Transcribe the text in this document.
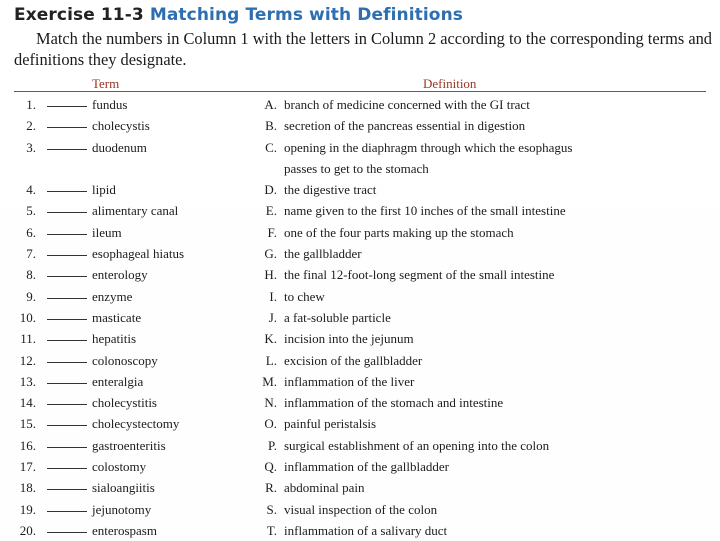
Exercise 11-3 Matching Terms with Definitions
Match the numbers in Column 1 with the letters in Column 2 according to the corresponding terms and definitions they designate.
Term	Definition
1.	fundus	A. branch of medicine concerned with the GI tract
2.	cholecystis	B. secretion of the pancreas essential in digestion
3.	duodenum	C. opening in the diaphragm through which the esophagus
passes to get to the stomach
4.	lipid	D. the digestive tract
5.	alimentary canal	E. name given to the first 10 inches of the small intestine
6.	ileum	F. one of the four parts making up the stomach
7.	esophageal hiatus	G. the gallbladder
8.	enterology	H. the final 12-foot-long segment of the small intestine
9.	enzyme	I. to chew
10.	masticate	J. a fat-soluble particle
11.	hepatitis	K. incision into the jejunum
12.	colonoscopy	L. excision of the gallbladder
13.	enteralgia	M. inflammation of the liver
14.	cholecystitis	N. inflammation of the stomach and intestine
15.	cholecystectomy	O. painful peristalsis
16.	gastroenteritis	P. surgical establishment of an opening into the colon
17.	colostomy	Q. inflammation of the gallbladder
18.	sialoangiitis	R. abdominal pain
19.	jejunotomy	S. visual inspection of the colon
20.	enterospasm	T. inflammation of a salivary duct
